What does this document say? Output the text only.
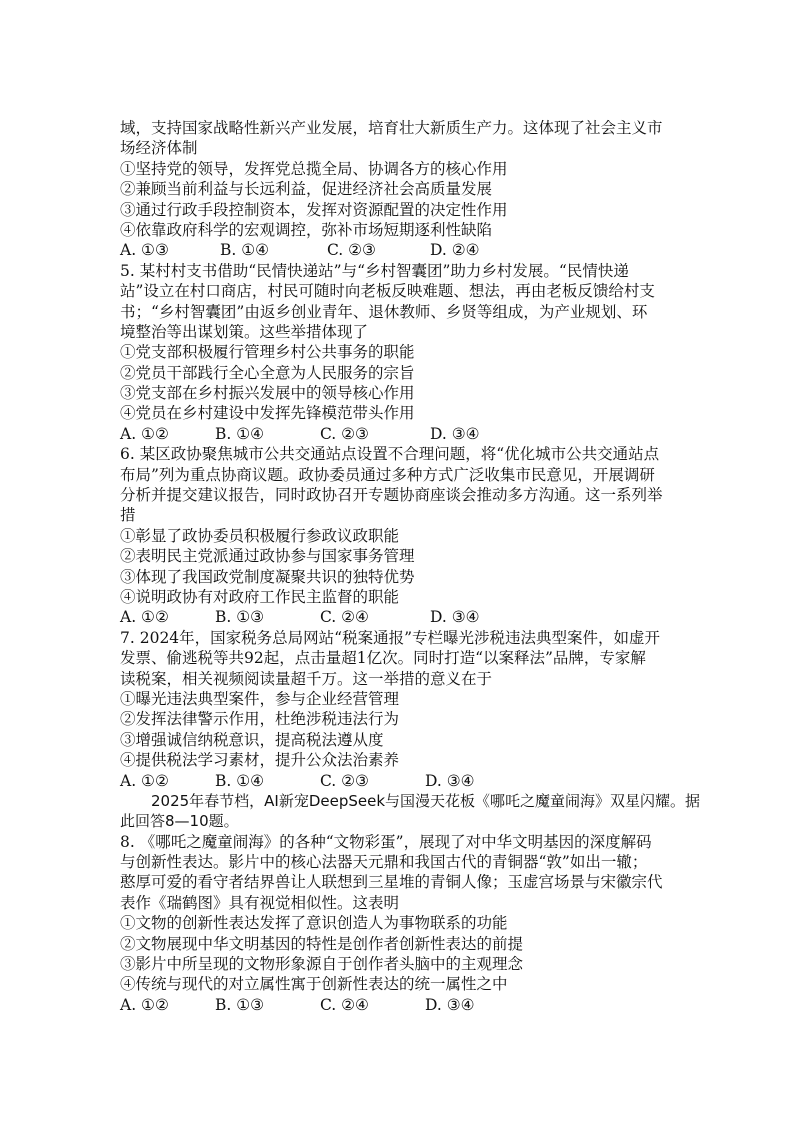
域，支持国家战略性新兴产业发展，培育壮大新质生产力。这体现了社会主义市
场经济体制
①坚持党的领导，发挥党总揽全局、协调各方的核心作用
②兼顾当前利益与长远利益，促进经济社会高质量发展
③通过行政手段控制资本，发挥对资源配置的决定性作用
④依靠政府科学的宏观调控，弥补市场短期逐利性缺陷
A. ①③	B. ①④	C. ②③	D. ②④
5. 某村村支书借助“民情快递站”与“乡村智囊团”助力乡村发展。“民情快递
站”设立在村口商店，村民可随时向老板反映难题、想法，再由老板反馈给村支
书；“乡村智囊团”由返乡创业青年、退休教师、乡贤等组成，为产业规划、环
境整治等出谋划策。这些举措体现了
①党支部积极履行管理乡村公共事务的职能
②党员干部践行全心全意为人民服务的宗旨
③党支部在乡村振兴发展中的领导核心作用
④党员在乡村建设中发挥先锋模范带头作用
A. ①②	B. ①④	C. ②③	D. ③④
6. 某区政协聚焦城市公共交通站点设置不合理问题，将“优化城市公共交通站点
布局”列为重点协商议题。政协委员通过多种方式广泛收集市民意见，开展调研
分析并提交建议报告，同时政协召开专题协商座谈会推动多方沟通。这一系列举
措
①彰显了政协委员积极履行参政议政职能
②表明民主党派通过政协参与国家事务管理
③体现了我国政党制度凝聚共识的独特优势
④说明政协有对政府工作民主监督的职能
A. ①②	B. ①③	C. ②④	D. ③④
7. 2024年，国家税务总局网站“税案通报”专栏曝光涉税违法典型案件，如虚开
发票、偷逃税等共92起，点击量超1亿次。同时打造“以案释法”品牌，专家解
读税案，相关视频阅读量超千万。这一举措的意义在于
①曝光违法典型案件，参与企业经营管理
②发挥法律警示作用，杜绝涉税违法行为
③增强诚信纳税意识，提高税法遵从度
④提供税法学习素材，提升公众法治素养
A. ①②	B. ①④	C. ②③	D. ③④
2025年春节档，AI新宠DeepSeek与国漫天花板《哪吒之魔童闹海》双星闪耀。据
此回答8—10题。
8. 《哪吒之魔童闹海》的各种“文物彩蛋”，展现了对中华文明基因的深度解码
与创新性表达。影片中的核心法器天元鼎和我国古代的青铜器“敦”如出一辙；
憨厚可爱的看守者结界兽让人联想到三星堆的青铜人像；玉虚宫场景与宋徽宗代
表作《瑞鹤图》具有视觉相似性。这表明
①文物的创新性表达发挥了意识创造人为事物联系的功能
②文物展现中华文明基因的特性是创作者创新性表达的前提
③影片中所呈现的文物形象源自于创作者头脑中的主观理念
④传统与现代的对立属性寓于创新性表达的统一属性之中
A. ①②	B. ①③	C. ②④	D. ③④
